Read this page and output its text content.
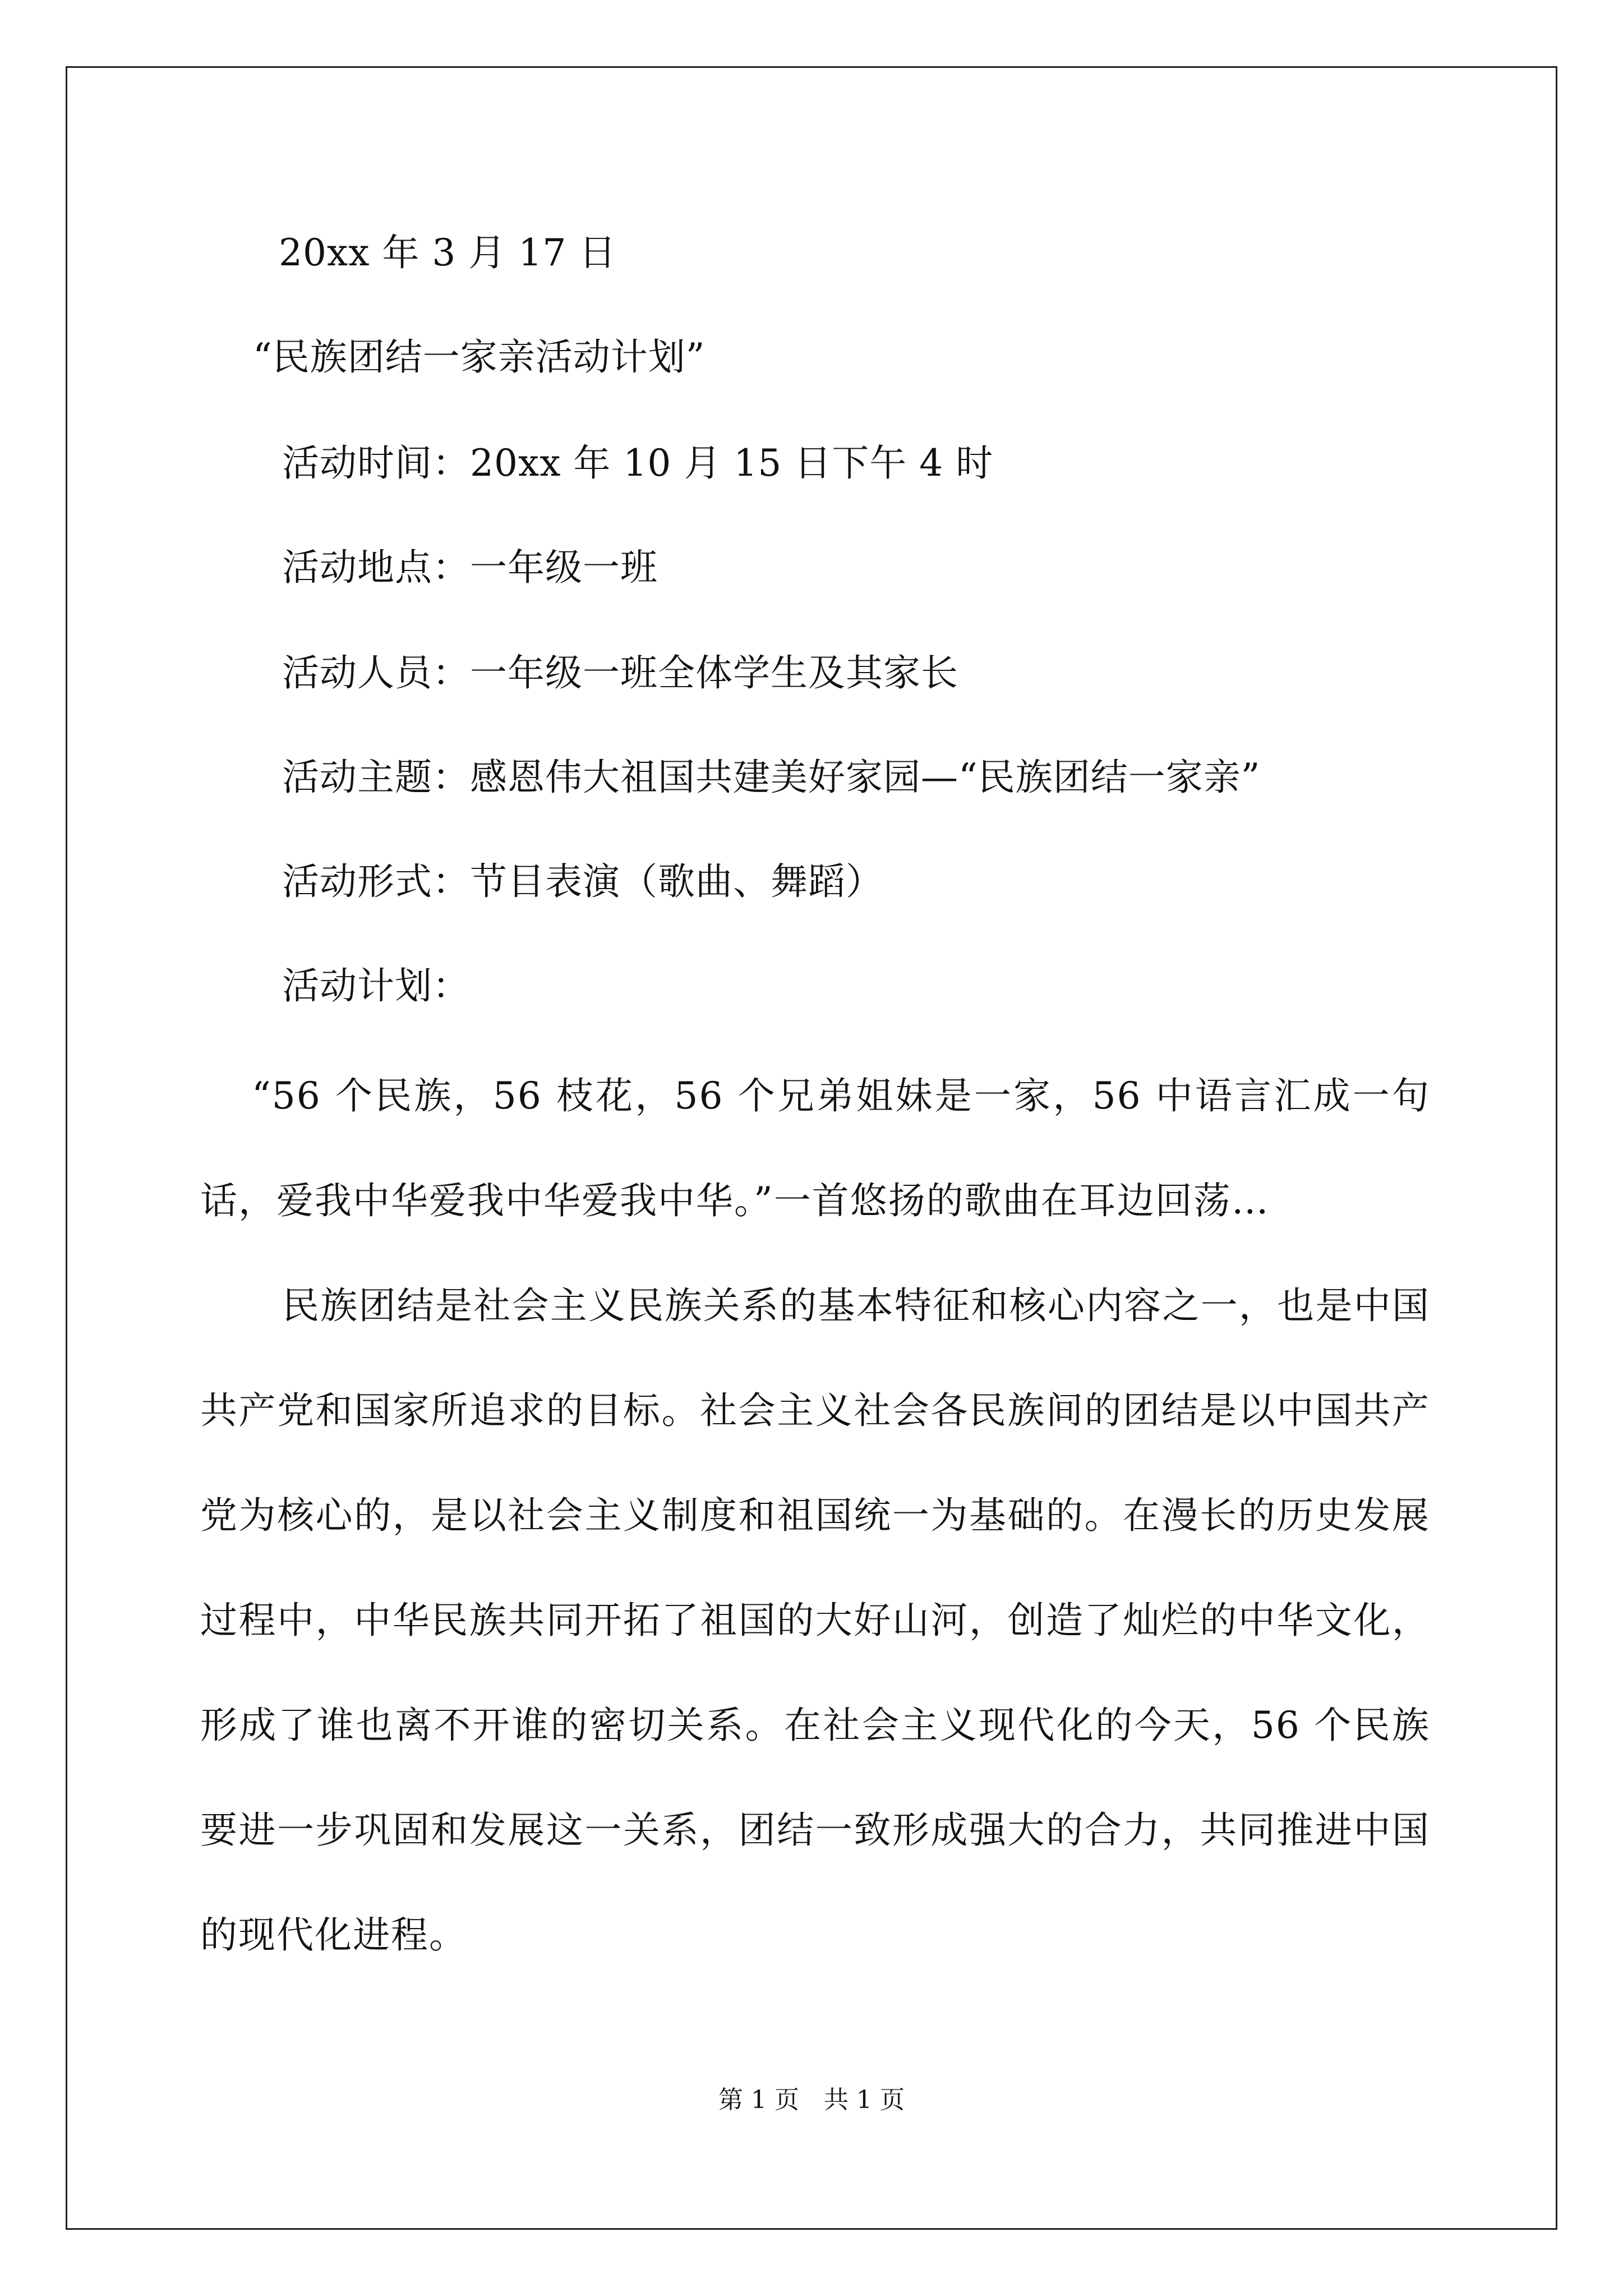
20xx 年 3 月 17 日
“民族团结一家亲活动计划”
活动时间：20xx 年 10 月 15 日下午 4 时
活动地点：一年级一班
活动人员：一年级一班全体学生及其家长
活动主题：感恩伟大祖国共建美好家园—“民族团结一家亲”
活动形式：节目表演（歌曲、舞蹈）
活动计划：
“56 个民族，56 枝花，56 个兄弟姐妹是一家，56 中语言汇成一句话，爱我中华爱我中华爱我中华。”一首悠扬的歌曲在耳边回荡…
民族团结是社会主义民族关系的基本特征和核心内容之一，也是中国共产党和国家所追求的目标。社会主义社会各民族间的团结是以中国共产党为核心的，是以社会主义制度和祖国统一为基础的。在漫长的历史发展过程中，中华民族共同开拓了祖国的大好山河，创造了灿烂的中华文化，形成了谁也离不开谁的密切关系。在社会主义现代化的今天，56 个民族要进一步巩固和发展这一关系，团结一致形成强大的合力，共同推进中国的现代化进程。
第 1 页　共 1 页
